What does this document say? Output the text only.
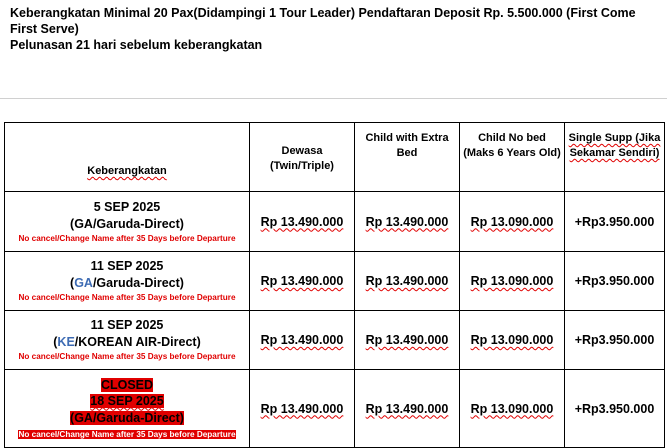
Keberangkatan Minimal 20 Pax(Didampingi 1 Tour Leader) Pendaftaran Deposit Rp. 5.500.000 (First Come First Serve)
Pelunasan 21 hari sebelum keberangkatan
Keberangkatan	Dewasa (Twin/Triple)	Child with Extra Bed	Child No bed (Maks 6 Years Old)	Single Supp (Jika Sekamar Sendiri)

5 SEP 2025
(GA/Garuda-Direct)
No cancel/Change Name after 35 Days before Departure	Rp 13.490.000	Rp 13.490.000	Rp 13.090.000	+Rp3.950.000

11 SEP 2025
(GA/Garuda-Direct)
No cancel/Change Name after 35 Days before Departure	Rp 13.490.000	Rp 13.490.000	Rp 13.090.000	+Rp3.950.000

11 SEP 2025
(KE/KOREAN AIR-Direct)
No cancel/Change Name after 35 Days before Departure	Rp 13.490.000	Rp 13.490.000	Rp 13.090.000	+Rp3.950.000

CLOSED
18 SEP 2025
(GA/Garuda-Direct)
No cancel/Change Name after 35 Days before Departure	Rp 13.490.000	Rp 13.490.000	Rp 13.090.000	+Rp3.950.000
